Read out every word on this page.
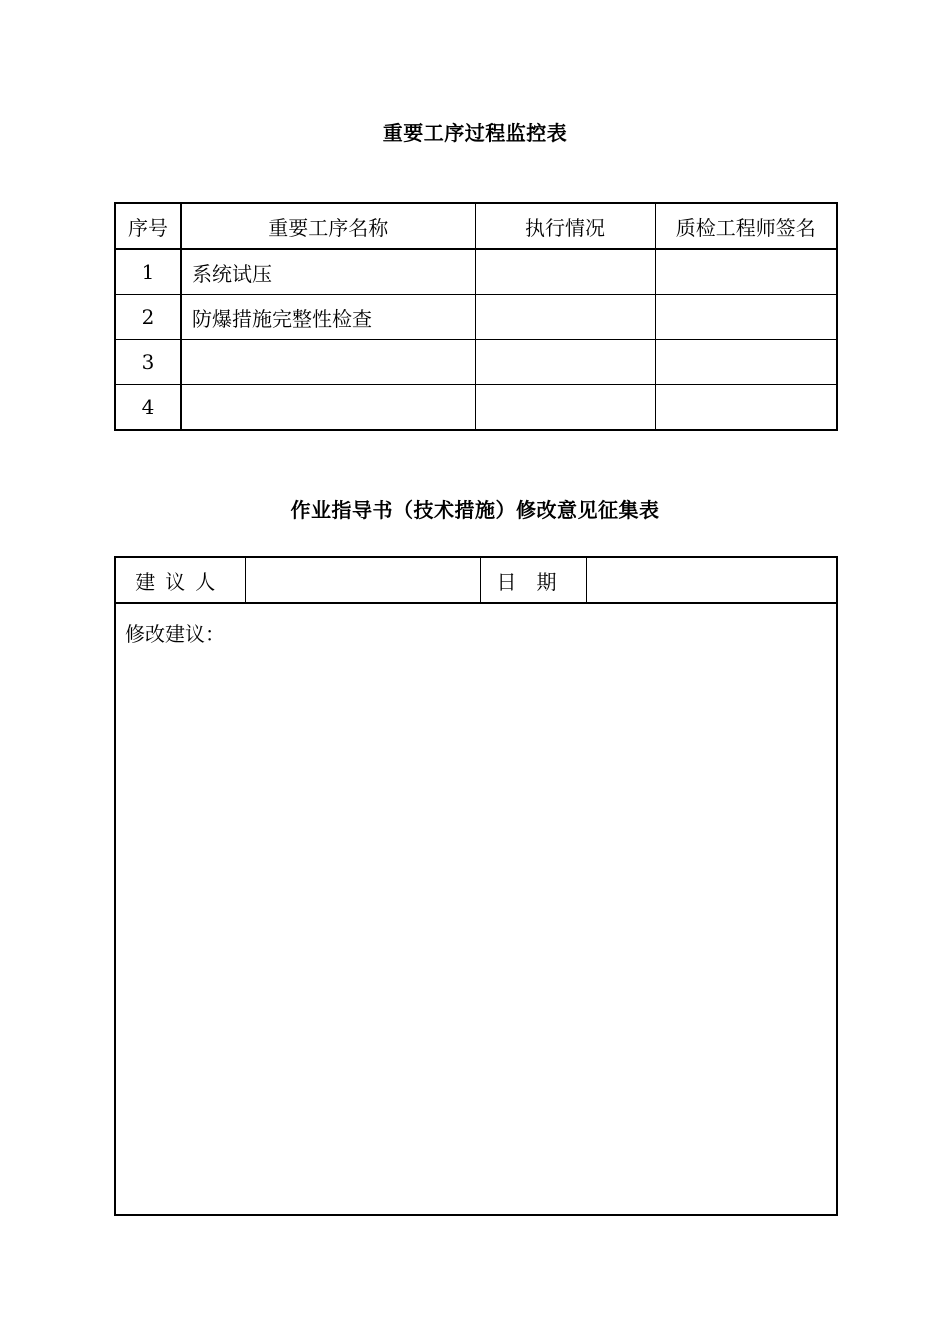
重要工序过程监控表
序号	重要工序名称	执行情况	质检工程师签名
1	系统试压		
2	防爆措施完整性检查		
3			
4			
作业指导书（技术措施）修改意见征集表
建议人		日　期	
修改建议：
